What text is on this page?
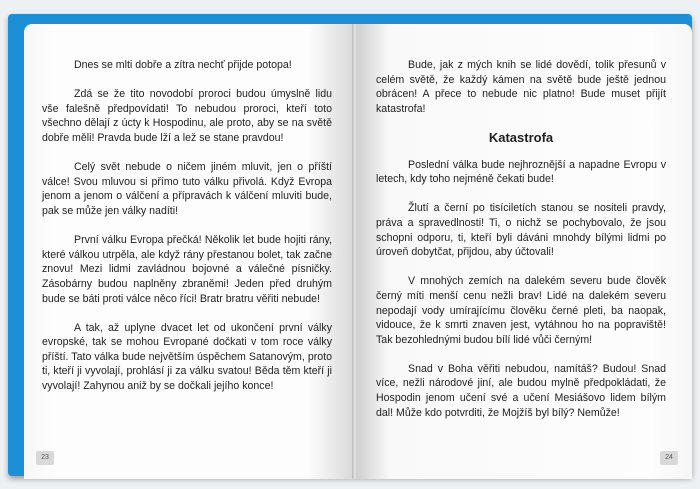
Dnes se mlti dobře a zítra nechť přijde potopa!

Zdá se že tito novodobí proroci budou úmyslně lidu vše falešně předpovídati! To nebudou proroci, kteří toto všechno dělají z úcty k Hospodinu, ale proto, aby se na světě dobře měli! Pravda bude lží a lež se stane pravdou!

Celý svět nebude o ničem jiném mluvit, jen o příští válce! Svou mluvou si přímo tuto válku přivolá. Když Evropa jenom a jenom o válčení a přípravách k válčení mluviti bude, pak se může jen války nadíti!

První válku Evropa přečká! Několik let bude hojiti rány, které válkou utrpěla, ale když rány přestanou bolet, tak začne znovu! Mezi lidmi zavládnou bojovné a válečné písničky. Zásobárny budou naplněny zbraněmi! Jeden před druhým bude se báti proti válce něco říci! Bratr bratru věřiti nebude!

A tak, až uplyne dvacet let od ukončení první války evropské, tak se mohou Evropané dočkati v tom roce války příští. Tato válka bude největším úspěchem Satanovým, proto ti, kteří ji vyvolají, prohlásí ji za válku svatou! Běda těm kteří ji vyvolají! Zahynou aniž by se dočkali jejího konce!

23

Bude, jak z mých knih se lidé dovědí, tolik přesunů v celém světě, že každý kámen na světě bude ještě jednou obrácen! A přece to nebude nic platno! Bude muset přijít katastrofa!

Katastrofa

Poslední válka bude nejhroznější a napadne Evropu v letech, kdy toho nejméně čekati bude!

Žlutí a černí po tisíciletích stanou se nositeli pravdy, práva a spravedlnosti! Ti, o nichž se pochybovalo, že jsou schopni odporu, ti, kteří byli dáváni mnohdy bílými lidmi po úroveň dobytčat, přijdou, aby účtovali!

V mnohých zemích na dalekém severu bude člověk černý míti menší cenu nežli brav! Lidé na dalekém severu nepodají vody umírajícímu člověku černé pleti, ba naopak, vidouce, že k smrti znaven jest, vytáhnou ho na popraviště! Tak bezohlednými budou bílí lidé vůči černým!

Snad v Boha věřiti nebudou, namítáš? Budou! Snad více, nežli národové jiní, ale budou mylně předpokládati, že Hospodin jenom učení své a učení Mesiášovo lidem bílým dal! Může kdo potvrditi, že Mojžíš byl bílý? Nemůže!

24
